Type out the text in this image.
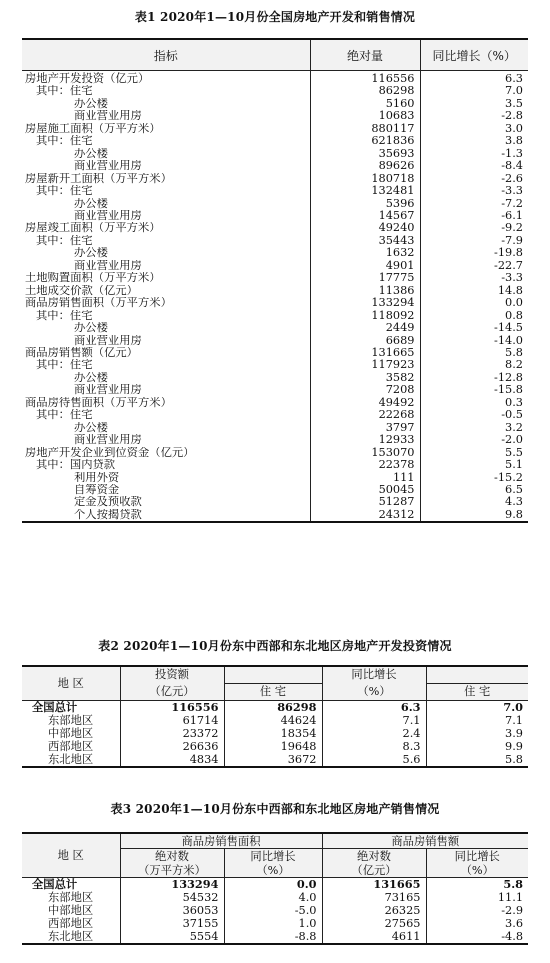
表1 2020年1—10月份全国房地产开发和销售情况
指标	绝对量	同比增长（%）
房地产开发投资（亿元）	116556	6.3
其中：住宅	86298	7.0
办公楼	5160	3.5
商业营业用房	10683	-2.8
房屋施工面积（万平方米）	880117	3.0
其中：住宅	621836	3.8
办公楼	35693	-1.3
商业营业用房	89626	-8.4
房屋新开工面积（万平方米）	180718	-2.6
其中：住宅	132481	-3.3
办公楼	5396	-7.2
商业营业用房	14567	-6.1
房屋竣工面积（万平方米）	49240	-9.2
其中：住宅	35443	-7.9
办公楼	1632	-19.8
商业营业用房	4901	-22.7
土地购置面积（万平方米）	17775	-3.3
土地成交价款（亿元）	11386	14.8
商品房销售面积（万平方米）	133294	0.0
其中：住宅	118092	0.8
办公楼	2449	-14.5
商业营业用房	6689	-14.0
商品房销售额（亿元）	131665	5.8
其中：住宅	117923	8.2
办公楼	3582	-12.8
商业营业用房	7208	-15.8
商品房待售面积（万平方米）	49492	0.3
其中：住宅	22268	-0.5
办公楼	3797	3.2
商业营业用房	12933	-2.0
房地产开发企业到位资金（亿元）	153070	5.5
其中：国内贷款	22378	5.1
利用外资	111	-15.2
自筹资金	50045	6.5
定金及预收款	51287	4.3
个人按揭贷款	24312	9.8
表2 2020年1—10月份东中西部和东北地区房地产开发投资情况
地 区	投资额		同比增长	
	（亿元）	住 宅	（%）	住 宅
全国总计	116556	86298	6.3	7.0
东部地区	61714	44624	7.1	7.1
中部地区	23372	18354	2.4	3.9
西部地区	26636	19648	8.3	9.9
东北地区	4834	3672	5.6	5.8
表3 2020年1—10月份东中西部和东北地区房地产销售情况
地 区	商品房销售面积		商品房销售额	
	绝对数	同比增长	绝对数	同比增长
	（万平方米）	（%）	（亿元）	（%）
全国总计	133294	0.0	131665	5.8
东部地区	54532	4.0	73165	11.1
中部地区	36053	-5.0	26325	-2.9
西部地区	37155	1.0	27565	3.6
东北地区	5554	-8.8	4611	-4.8
